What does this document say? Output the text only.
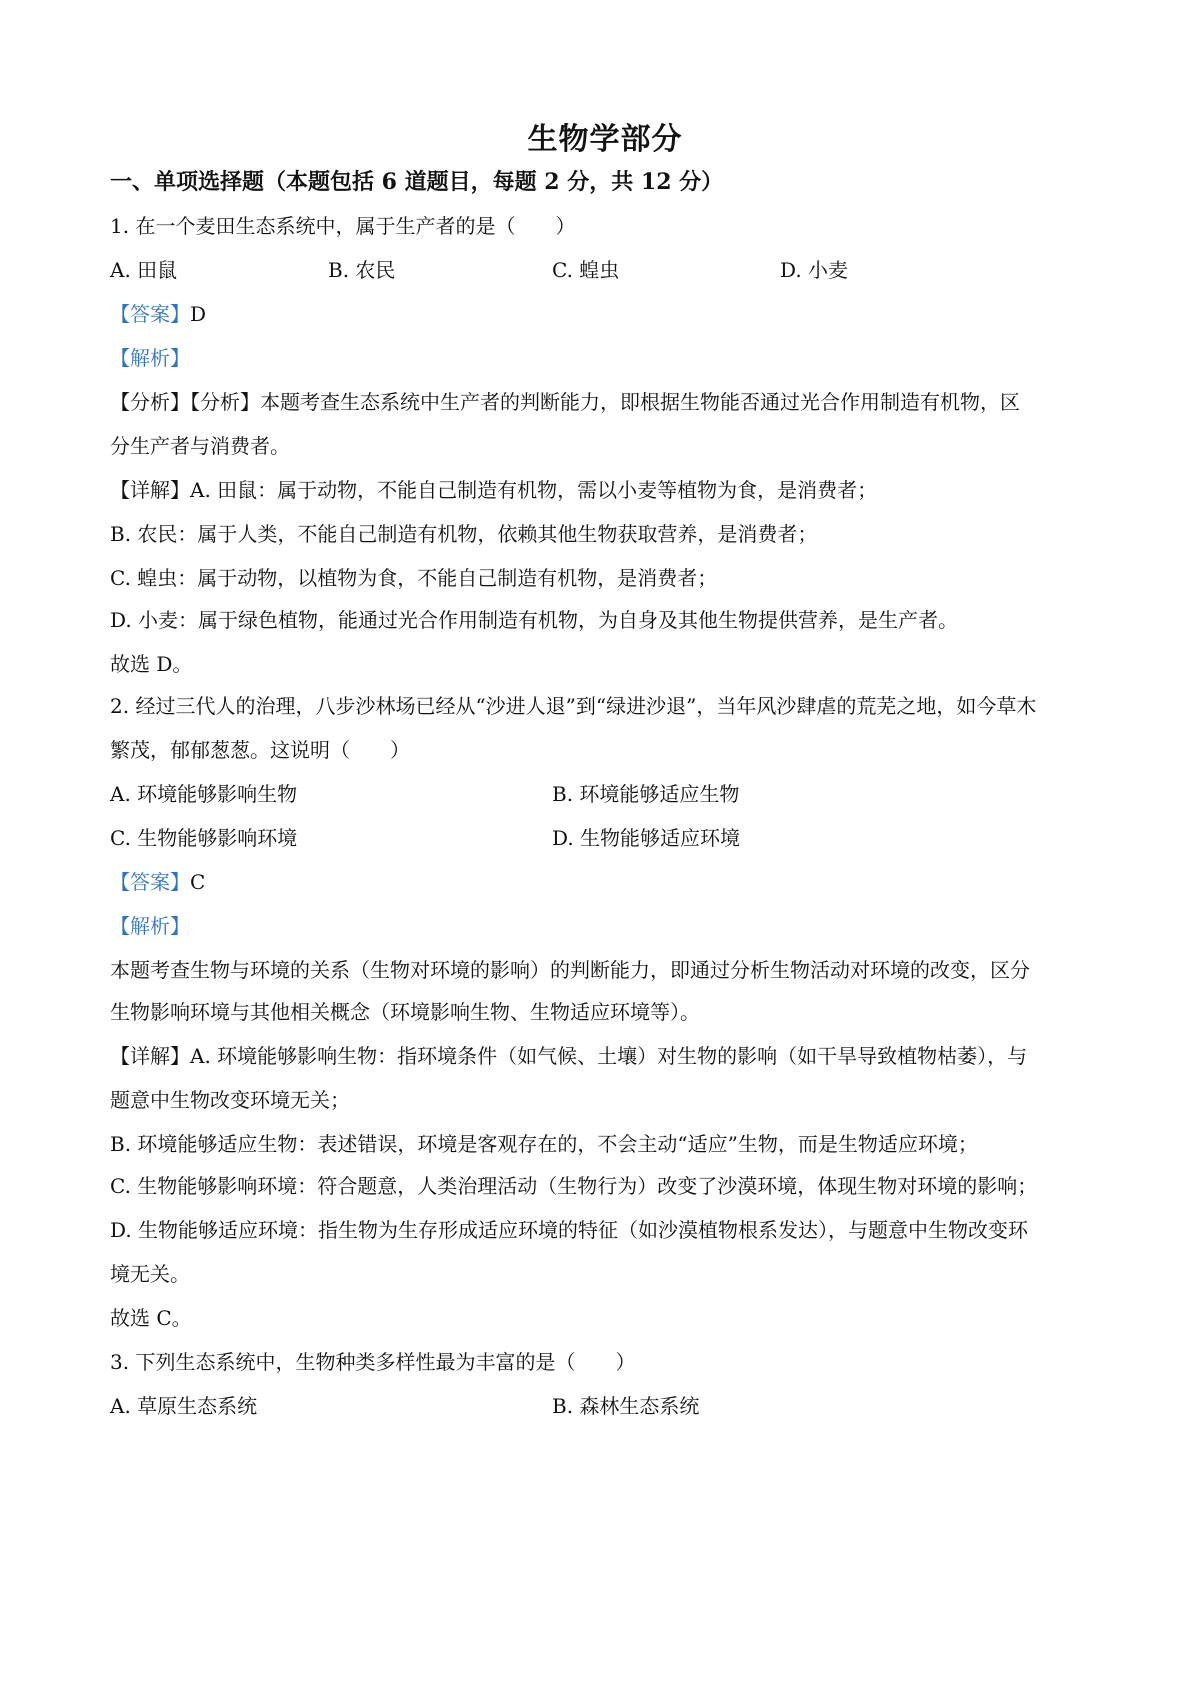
生物学部分
一、单项选择题（本题包括 6 道题目，每题 2 分，共 12 分）
1. 在一个麦田生态系统中，属于生产者的是（　　）
A. 田鼠	B. 农民	C. 蝗虫	D. 小麦
【答案】D
【解析】
【分析】【分析】本题考查生态系统中生产者的判断能力，即根据生物能否通过光合作用制造有机物，区
分生产者与消费者。
【详解】A. 田鼠：属于动物，不能自己制造有机物，需以小麦等植物为食，是消费者；
B. 农民：属于人类，不能自己制造有机物，依赖其他生物获取营养，是消费者；
C. 蝗虫：属于动物，以植物为食，不能自己制造有机物，是消费者；
D. 小麦：属于绿色植物，能通过光合作用制造有机物，为自身及其他生物提供营养，是生产者。
故选 D。
2. 经过三代人的治理，八步沙林场已经从“沙进人退”到“绿进沙退”，当年风沙肆虐的荒芜之地，如今草木
繁茂，郁郁葱葱。这说明（　　）
A. 环境能够影响生物	B. 环境能够适应生物
C. 生物能够影响环境	D. 生物能够适应环境
【答案】C
【解析】
本题考查生物与环境的关系（生物对环境的影响）的判断能力，即通过分析生物活动对环境的改变，区分
生物影响环境与其他相关概念（环境影响生物、生物适应环境等）。
【详解】A. 环境能够影响生物：指环境条件（如气候、土壤）对生物的影响（如干旱导致植物枯萎），与
题意中生物改变环境无关；
B. 环境能够适应生物：表述错误，环境是客观存在的，不会主动“适应”生物，而是生物适应环境；
C. 生物能够影响环境：符合题意，人类治理活动（生物行为）改变了沙漠环境，体现生物对环境的影响；
D. 生物能够适应环境：指生物为生存形成适应环境的特征（如沙漠植物根系发达），与题意中生物改变环
境无关。
故选 C。
3. 下列生态系统中，生物种类多样性最为丰富的是（　　）
A. 草原生态系统	B. 森林生态系统
